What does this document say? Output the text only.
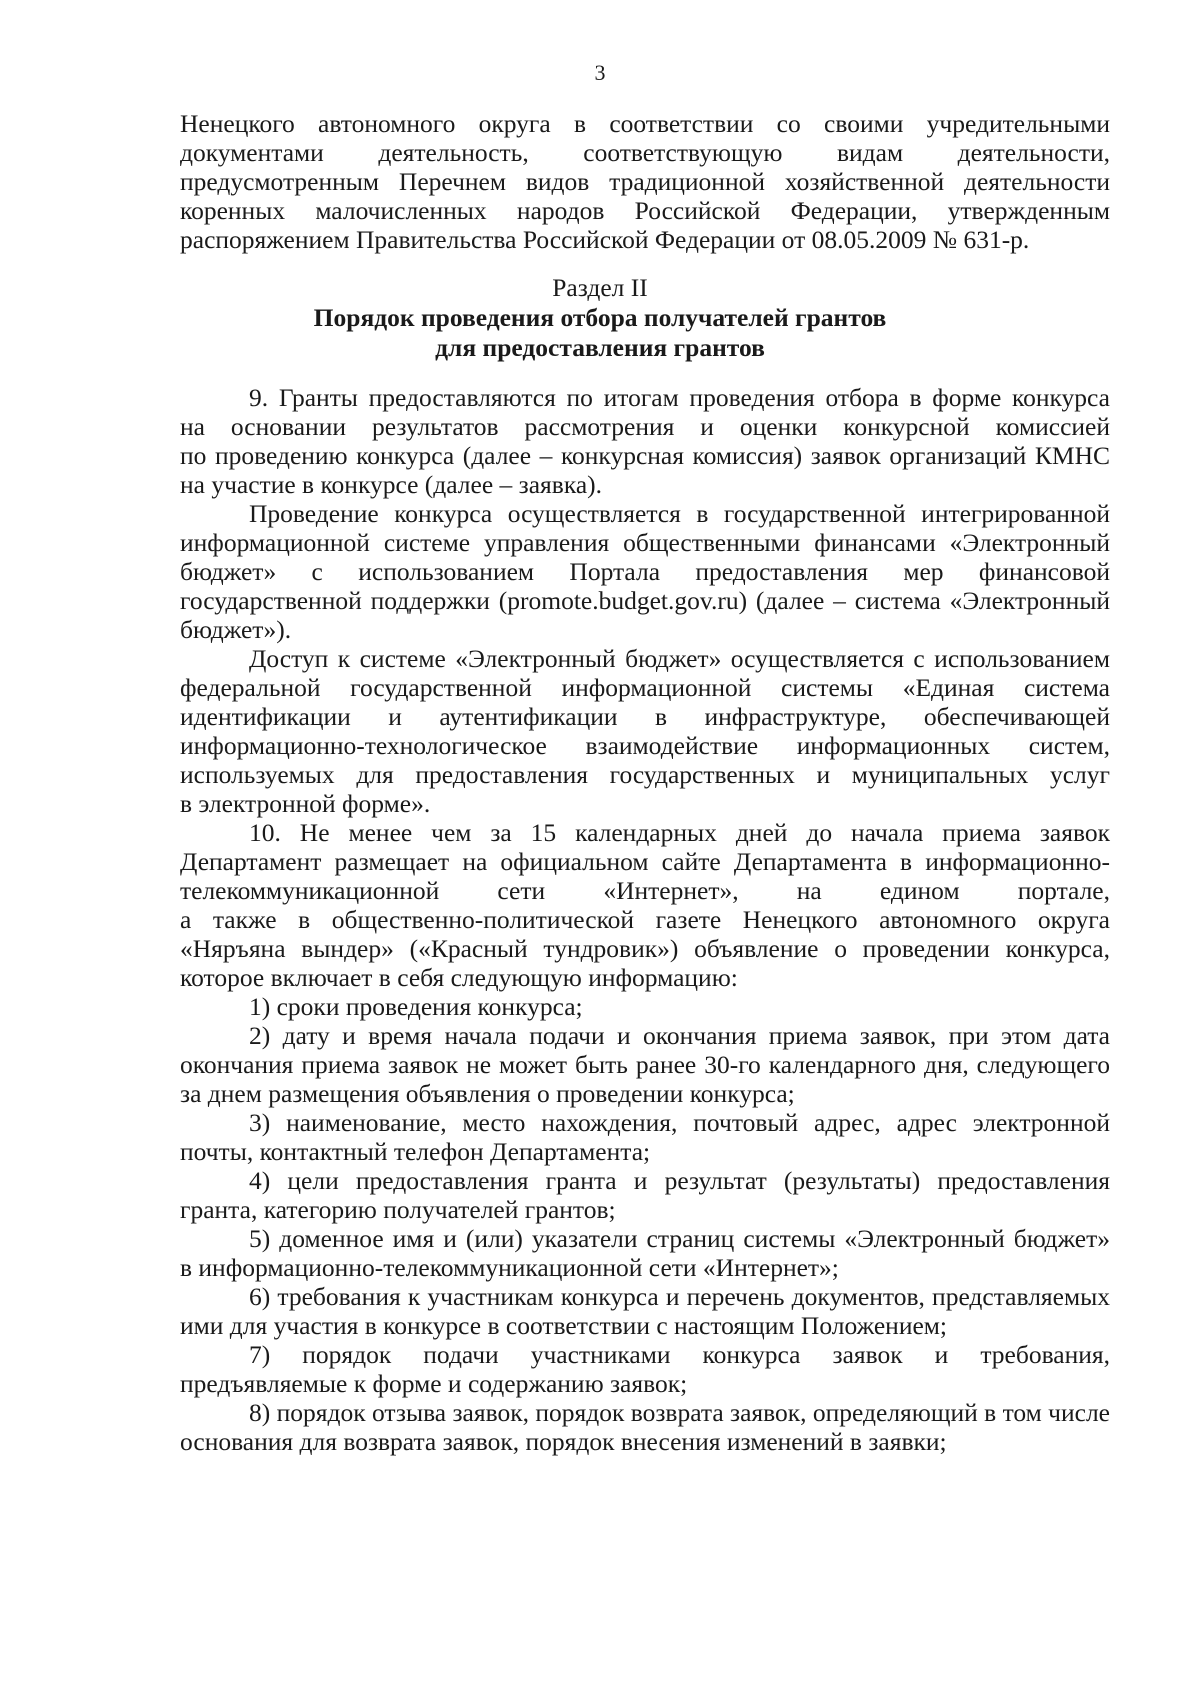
3
Ненецкого автономного округа в соответствии со своими учредительными
документами деятельность, соответствующую видам деятельности,
предусмотренным Перечнем видов традиционной хозяйственной деятельности
коренных малочисленных народов Российской Федерации, утвержденным
распоряжением Правительства Российской Федерации от 08.05.2009 № 631-р.
Раздел II
Порядок проведения отбора получателей грантов
для предоставления грантов
9. Гранты предоставляются по итогам проведения отбора в форме конкурса
на основании результатов рассмотрения и оценки конкурсной комиссией
по проведению конкурса (далее – конкурсная комиссия) заявок организаций КМНС
на участие в конкурсе (далее – заявка).
Проведение конкурса осуществляется в государственной интегрированной
информационной системе управления общественными финансами «Электронный
бюджет» с использованием Портала предоставления мер финансовой
государственной поддержки (promote.budget.gov.ru) (далее – система «Электронный
бюджет»).
Доступ к системе «Электронный бюджет» осуществляется с использованием
федеральной государственной информационной системы «Единая система
идентификации и аутентификации в инфраструктуре, обеспечивающей
информационно-технологическое взаимодействие информационных систем,
используемых для предоставления государственных и муниципальных услуг
в электронной форме».
10. Не менее чем за 15 календарных дней до начала приема заявок
Департамент размещает на официальном сайте Департамента в информационно-
телекоммуникационной сети «Интернет», на едином портале,
а также в общественно-политической газете Ненецкого автономного округа
«Няръяна вындер» («Красный тундровик») объявление о проведении конкурса,
которое включает в себя следующую информацию:
1) сроки проведения конкурса;
2) дату и время начала подачи и окончания приема заявок, при этом дата
окончания приема заявок не может быть ранее 30-го календарного дня, следующего
за днем размещения объявления о проведении конкурса;
3) наименование, место нахождения, почтовый адрес, адрес электронной
почты, контактный телефон Департамента;
4) цели предоставления гранта и результат (результаты) предоставления
гранта, категорию получателей грантов;
5) доменное имя и (или) указатели страниц системы «Электронный бюджет»
в информационно-телекоммуникационной сети «Интернет»;
6) требования к участникам конкурса и перечень документов, представляемых
ими для участия в конкурсе в соответствии с настоящим Положением;
7) порядок подачи участниками конкурса заявок и требования,
предъявляемые к форме и содержанию заявок;
8) порядок отзыва заявок, порядок возврата заявок, определяющий в том числе
основания для возврата заявок, порядок внесения изменений в заявки;
